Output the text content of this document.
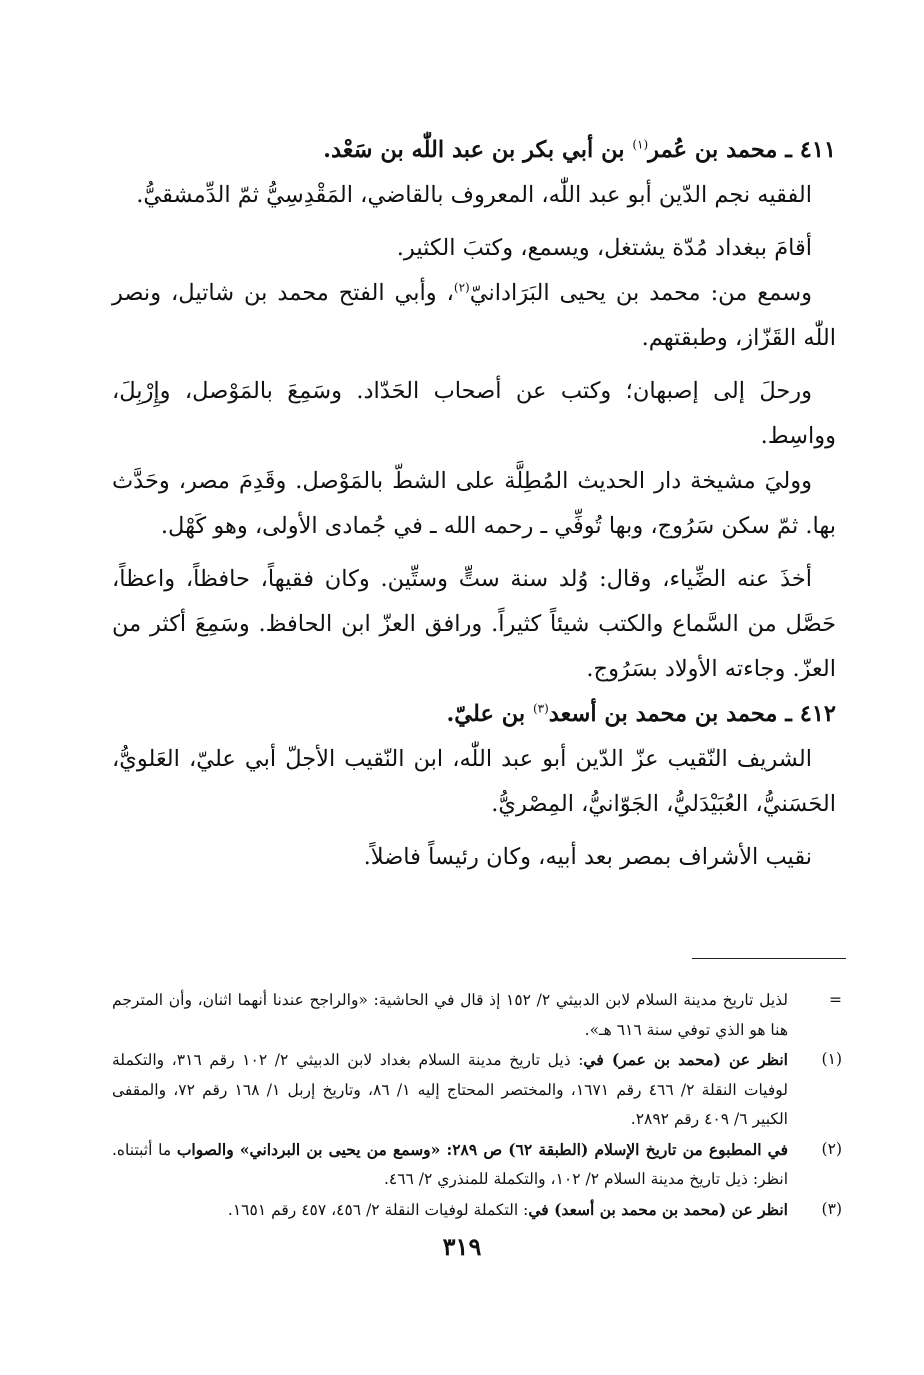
٤١١ ـ محمد بن عُمر$^{(١)}$ بن أبي بكر بن عبد اللّٰه بن سَعْد.

الفقيه نجم الدّين أبو عبد اللّٰه، المعروف بالقاضي، المَقْدِسِيُّ ثمّ الدِّمشقيُّ.

أقامَ ببغداد مُدّة يشتغل، ويسمع، وكتبَ الكثير.

وسمع من: محمد بن يحيى البَرَادانيّ$^{(٢)}$، وأبي الفتح محمد بن شاتيل، ونصر اللّٰه القَزّاز، وطبقتهم.

ورحلَ إلى إصبهان؛ وكتب عن أصحاب الحَدّاد. وسَمِعَ بالمَوْصل، وإِرْبِلَ، وواسِط.

ووليَ مشيخة دار الحديث المُطِلَّة على الشطّ بالمَوْصل. وقَدِمَ مصر، وحَدَّث بها. ثمّ سكن سَرُوج، وبها تُوفِّي ـ رحمه الله ـ في جُمادى الأولى، وهو كَهْل.

أخذَ عنه الضِّياء، وقال: وُلد سنة ستٍّ وستِّين. وكان فقيهاً، حافظاً، واعظاً، حَصَّل من السَّماع والكتب شيئاً كثيراً. ورافق العزّ ابن الحافظ. وسَمِعَ أكثر من العزّ. وجاءته الأولاد بسَرُوج.

٤١٢ ـ محمد بن محمد بن أسعد$^{(٣)}$ بن عليّ.

الشريف النّقيب عزّ الدّين أبو عبد اللّٰه، ابن النّقيب الأجلّ أبي عليّ، العَلويُّ، الحَسَنيُّ، العُبَيْدَليُّ، الجَوّانيُّ، المِصْريُّ.

نقيب الأشراف بمصر بعد أبيه، وكان رئيساً فاضلاً.

=
لذيل تاريخ مدينة السلام لابن الدبيثي ٢/ ١٥٢ إذ قال في الحاشية: «والراجح عندنا أنهما اثنان، وأن المترجم هنا هو الذي توفي سنة ٦١٦ هـ».
(١)
انظر عن (محمد بن عمر) في: ذيل تاريخ مدينة السلام بغداد لابن الدبيثي ٢/ ١٠٢ رقم ٣١٦، والتكملة لوفيات النقلة ٢/ ٤٦٦ رقم ١٦٧١، والمختصر المحتاج إليه ١/ ٨٦، وتاريخ إربل ١/ ١٦٨ رقم ٧٢، والمقفى الكبير ٦/ ٤٠٩ رقم ٢٨٩٢.
(٢)
في المطبوع من تاريخ الإسلام (الطبقة ٦٢) ص ٢٨٩: «وسمع من يحيى بن البرداني» والصواب ما أثبتناه. انظر: ذيل تاريخ مدينة السلام ٢/ ١٠٢، والتكملة للمنذري ٢/ ٤٦٦.
(٣)
انظر عن (محمد بن محمد بن أسعد) في: التكملة لوفيات النقلة ٢/ ٤٥٦، ٤٥٧ رقم ١٦٥١.
٣١٩
